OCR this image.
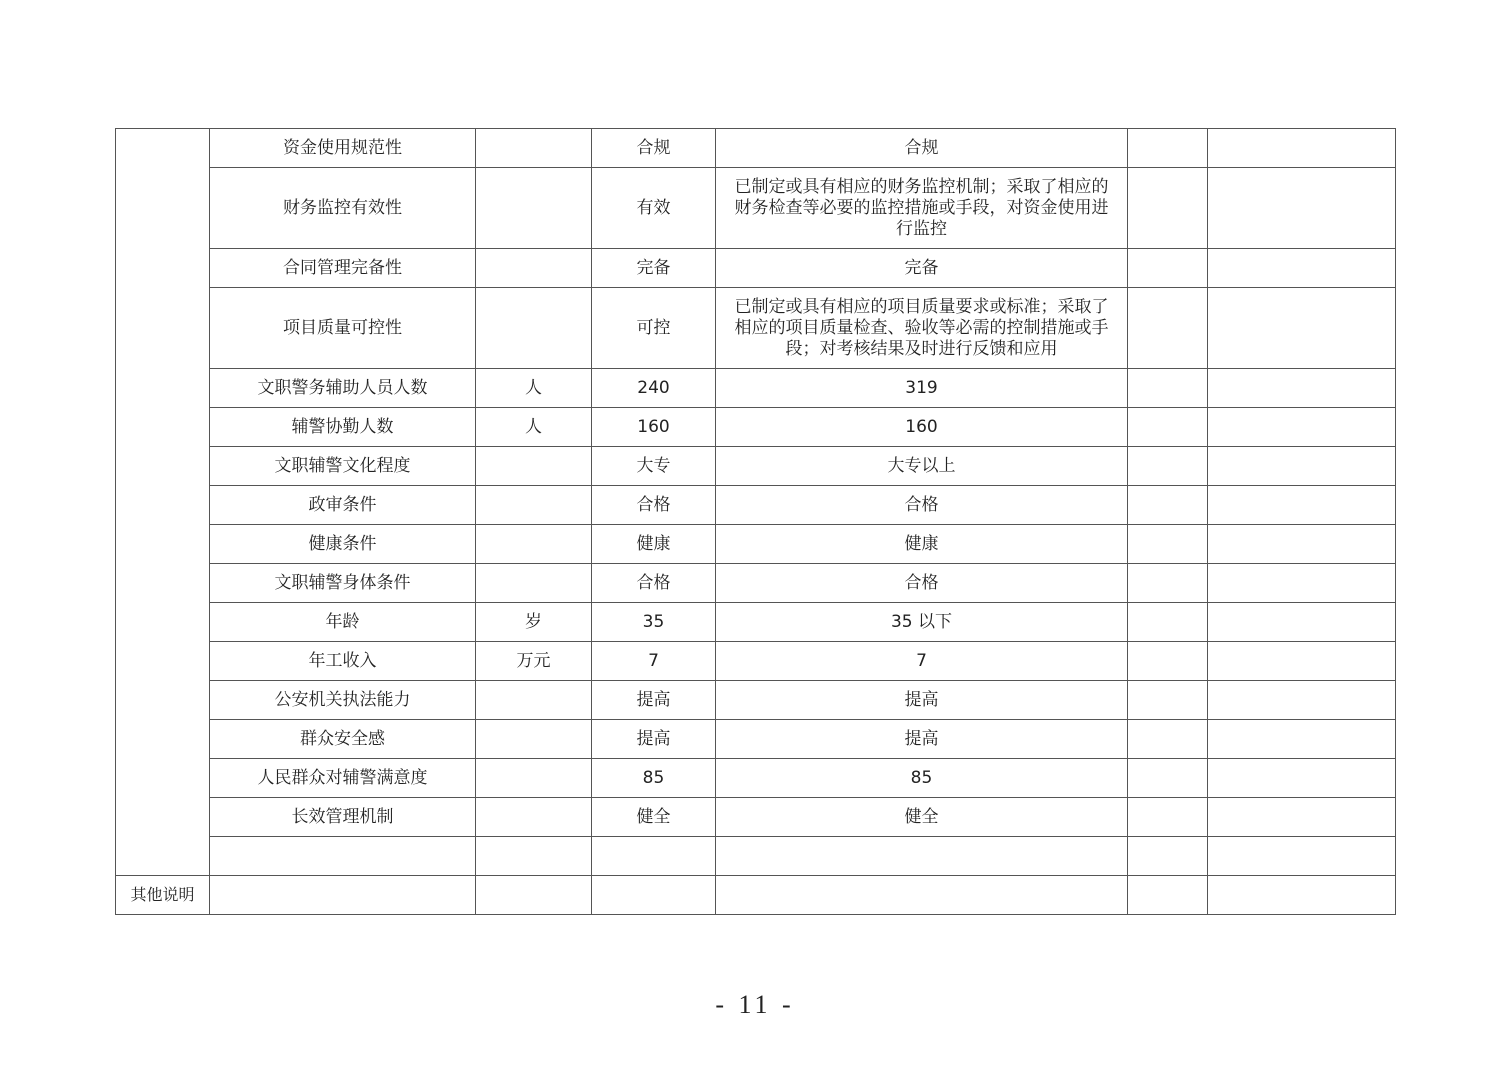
	资金使用规范性		合规	合规		
	财务监控有效性		有效	已制定或具有相应的财务监控机制；采取了相应的财务检查等必要的监控措施或手段，对资金使用进行监控		
	合同管理完备性		完备	完备		
	项目质量可控性		可控	已制定或具有相应的项目质量要求或标准；采取了相应的项目质量检查、验收等必需的控制措施或手段；对考核结果及时进行反馈和应用		
	文职警务辅助人员人数	人	240	319		
	辅警协勤人数	人	160	160		
	文职辅警文化程度		大专	大专以上		
	政审条件		合格	合格		
	健康条件		健康	健康		
	文职辅警身体条件		合格	合格		
	年龄	岁	35	35 以下		
	年工收入	万元	7	7		
	公安机关执法能力		提高	提高		
	群众安全感		提高	提高		
	人民群众对辅警满意度		85	85		
	长效管理机制		健全	健全		

其他说明						
- 11 -
